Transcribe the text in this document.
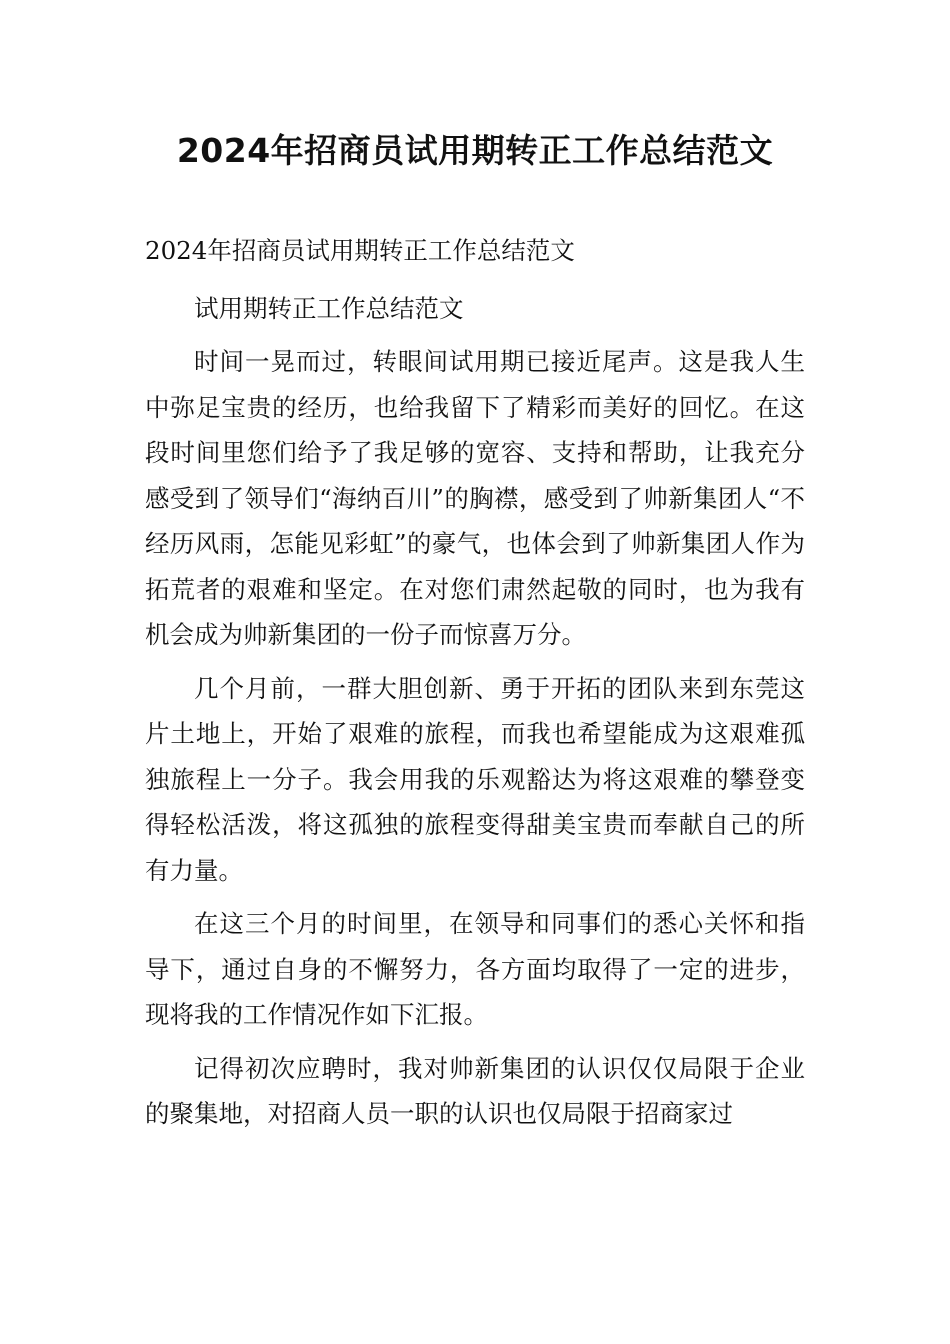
2024年招商员试用期转正工作总结范文

2024年招商员试用期转正工作总结范文

试用期转正工作总结范文

时间一晃而过，转眼间试用期已接近尾声。这是我人生中弥足宝贵的经历，也给我留下了精彩而美好的回忆。在这段时间里您们给予了我足够的宽容、支持和帮助，让我充分感受到了领导们“海纳百川”的胸襟，感受到了帅新集团人“不经历风雨，怎能见彩虹”的豪气，也体会到了帅新集团人作为拓荒者的艰难和坚定。在对您们肃然起敬的同时，也为我有机会成为帅新集团的一份子而惊喜万分。

几个月前，一群大胆创新、勇于开拓的团队来到东莞这片土地上，开始了艰难的旅程，而我也希望能成为这艰难孤独旅程上一分子。我会用我的乐观豁达为将这艰难的攀登变得轻松活泼，将这孤独的旅程变得甜美宝贵而奉献自己的所有力量。

在这三个月的时间里，在领导和同事们的悉心关怀和指导下，通过自身的不懈努力，各方面均取得了一定的进步，现将我的工作情况作如下汇报。

记得初次应聘时，我对帅新集团的认识仅仅局限于企业的聚集地，对招商人员一职的认识也仅局限于招商家过
